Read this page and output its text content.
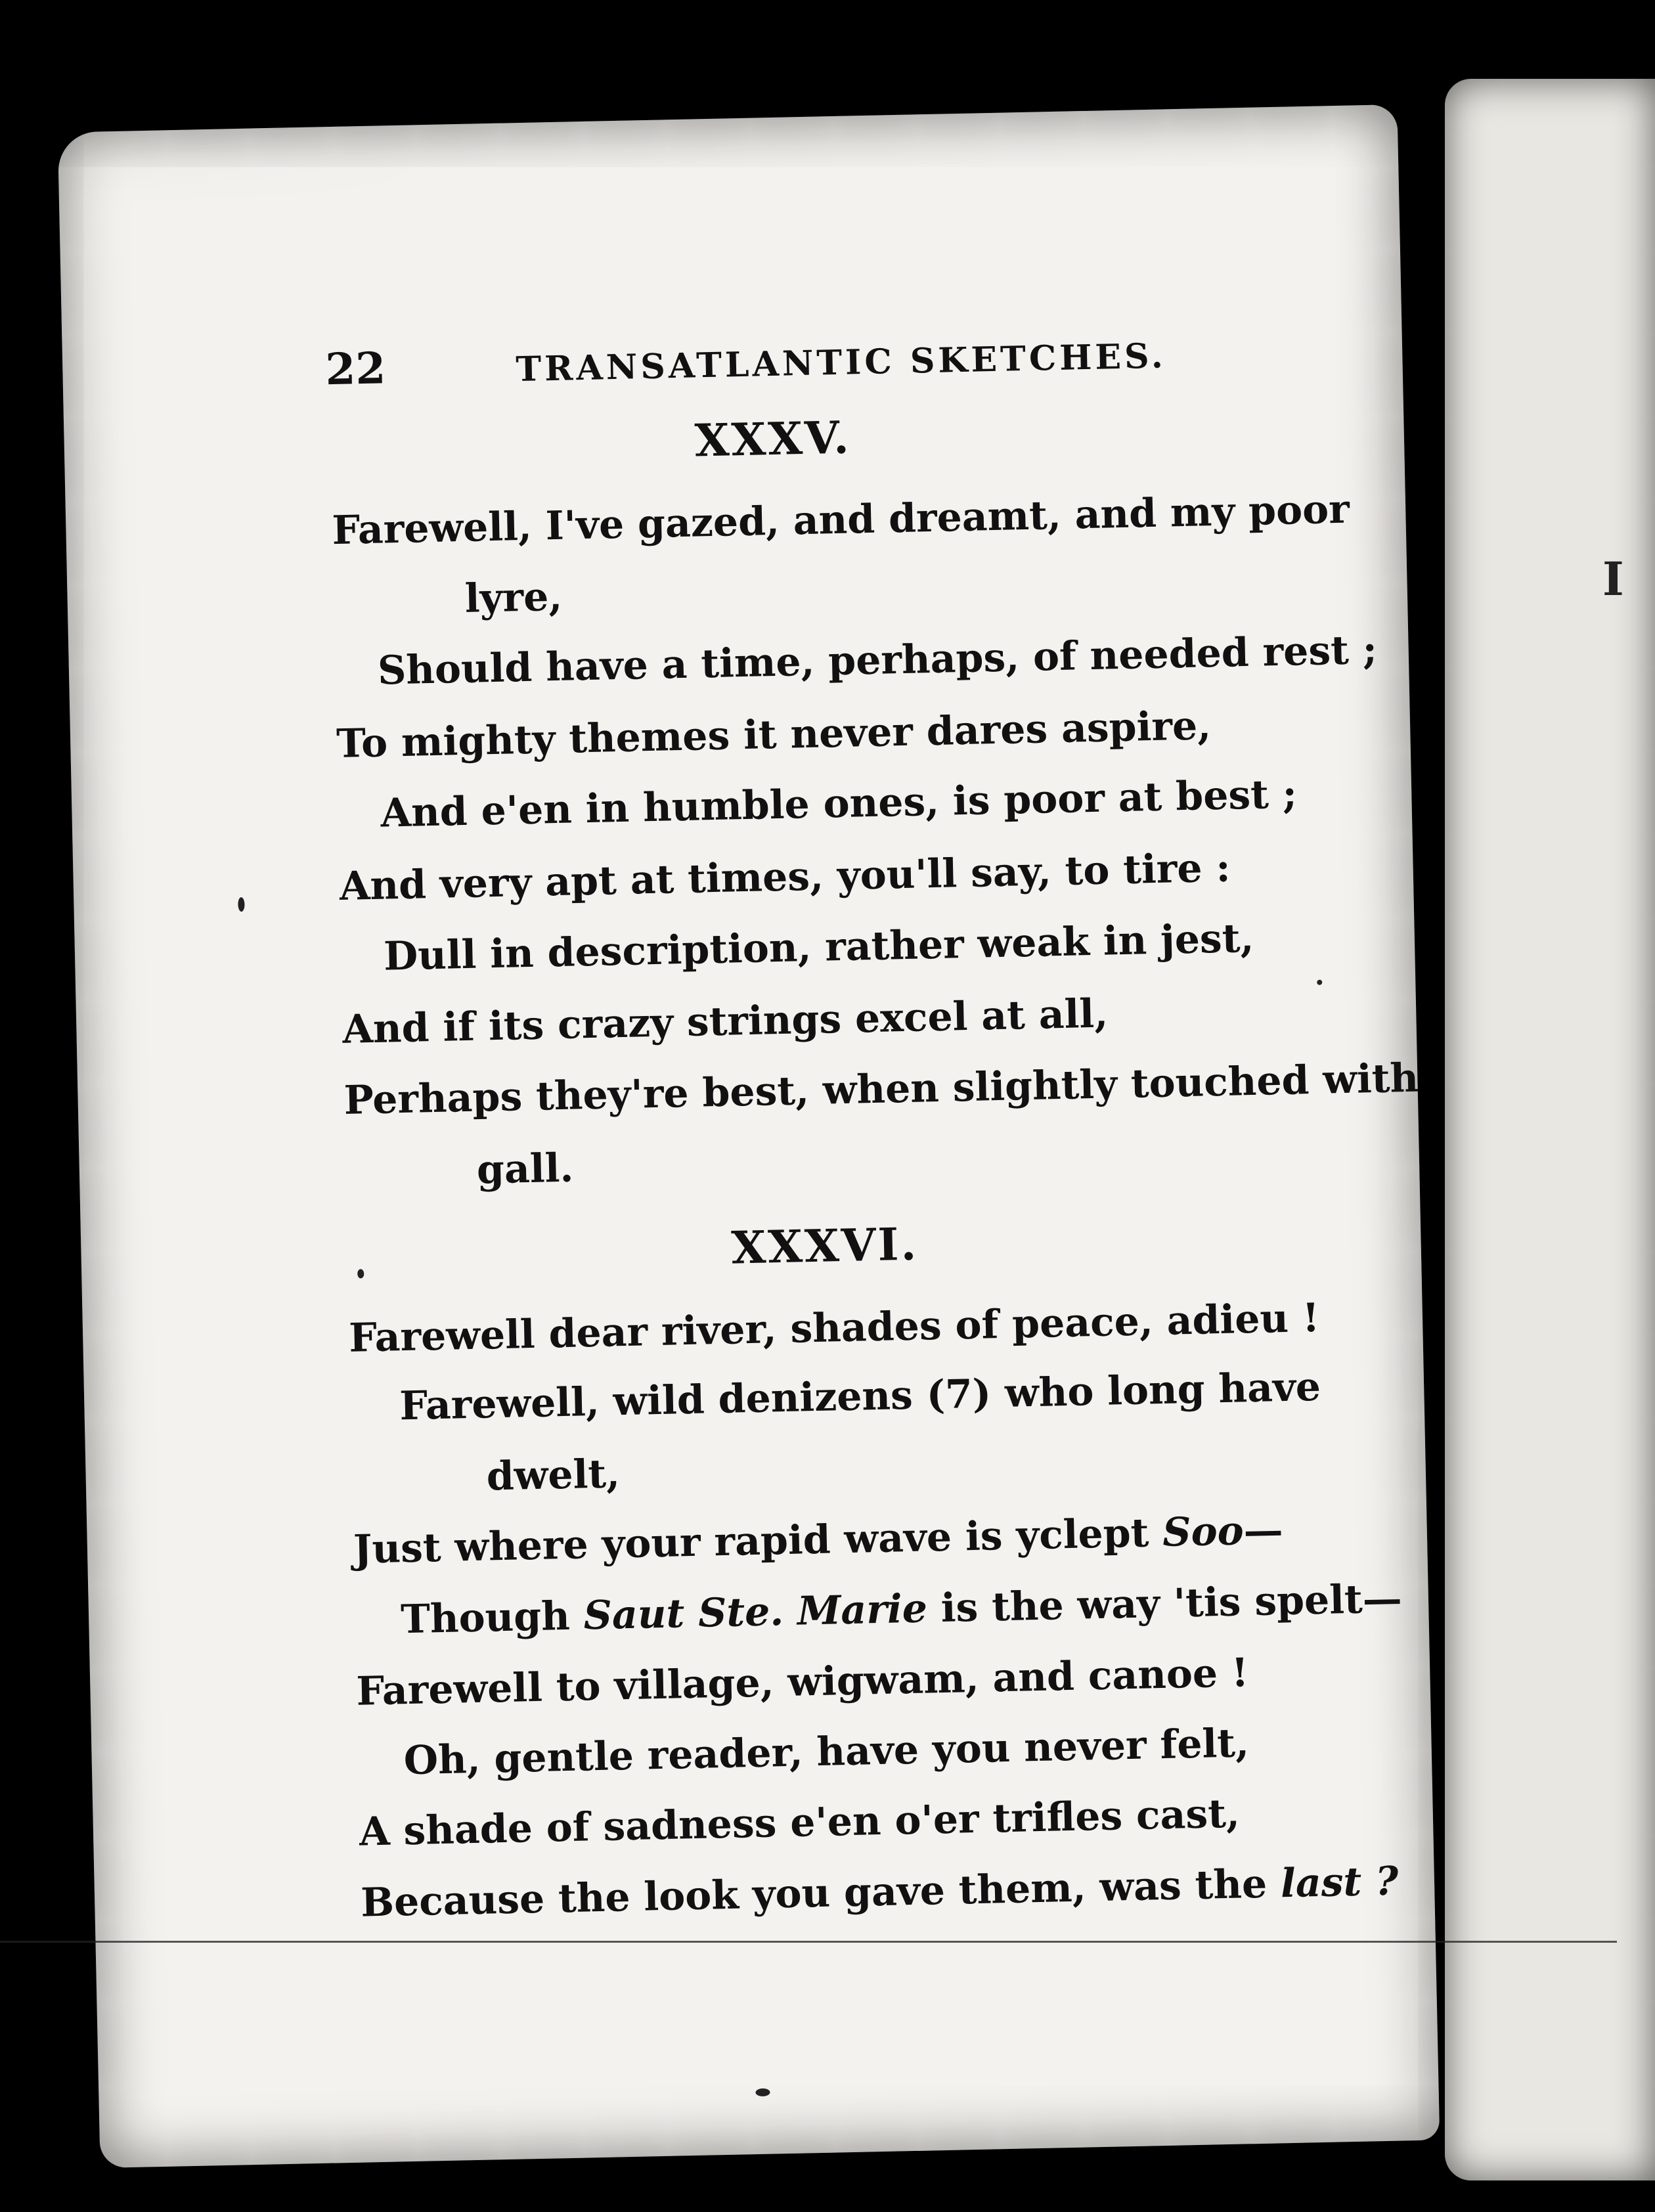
I
22	TRANSATLANTIC SKETCHES.
XXXV.
Farewell, I've gazed, and dreamt, and my poor
lyre,
Should have a time, perhaps, of needed rest ;
To mighty themes it never dares aspire,
And e'en in humble ones, is poor at best ;
And very apt at times, you'll say, to tire :
Dull in description, rather weak in jest,
And if its crazy strings excel at all,
Perhaps they're best, when slightly touched with
gall.
XXXVI.
Farewell dear river, shades of peace, adieu !
Farewell, wild denizens (7) who long have
dwelt,
Just where your rapid wave is yclept Soo—
Though Saut Ste. Marie is the way 'tis spelt—
Farewell to village, wigwam, and canoe !
Oh, gentle reader, have you never felt,
A shade of sadness e'en o'er trifles cast,
Because the look you gave them, was the last ?
